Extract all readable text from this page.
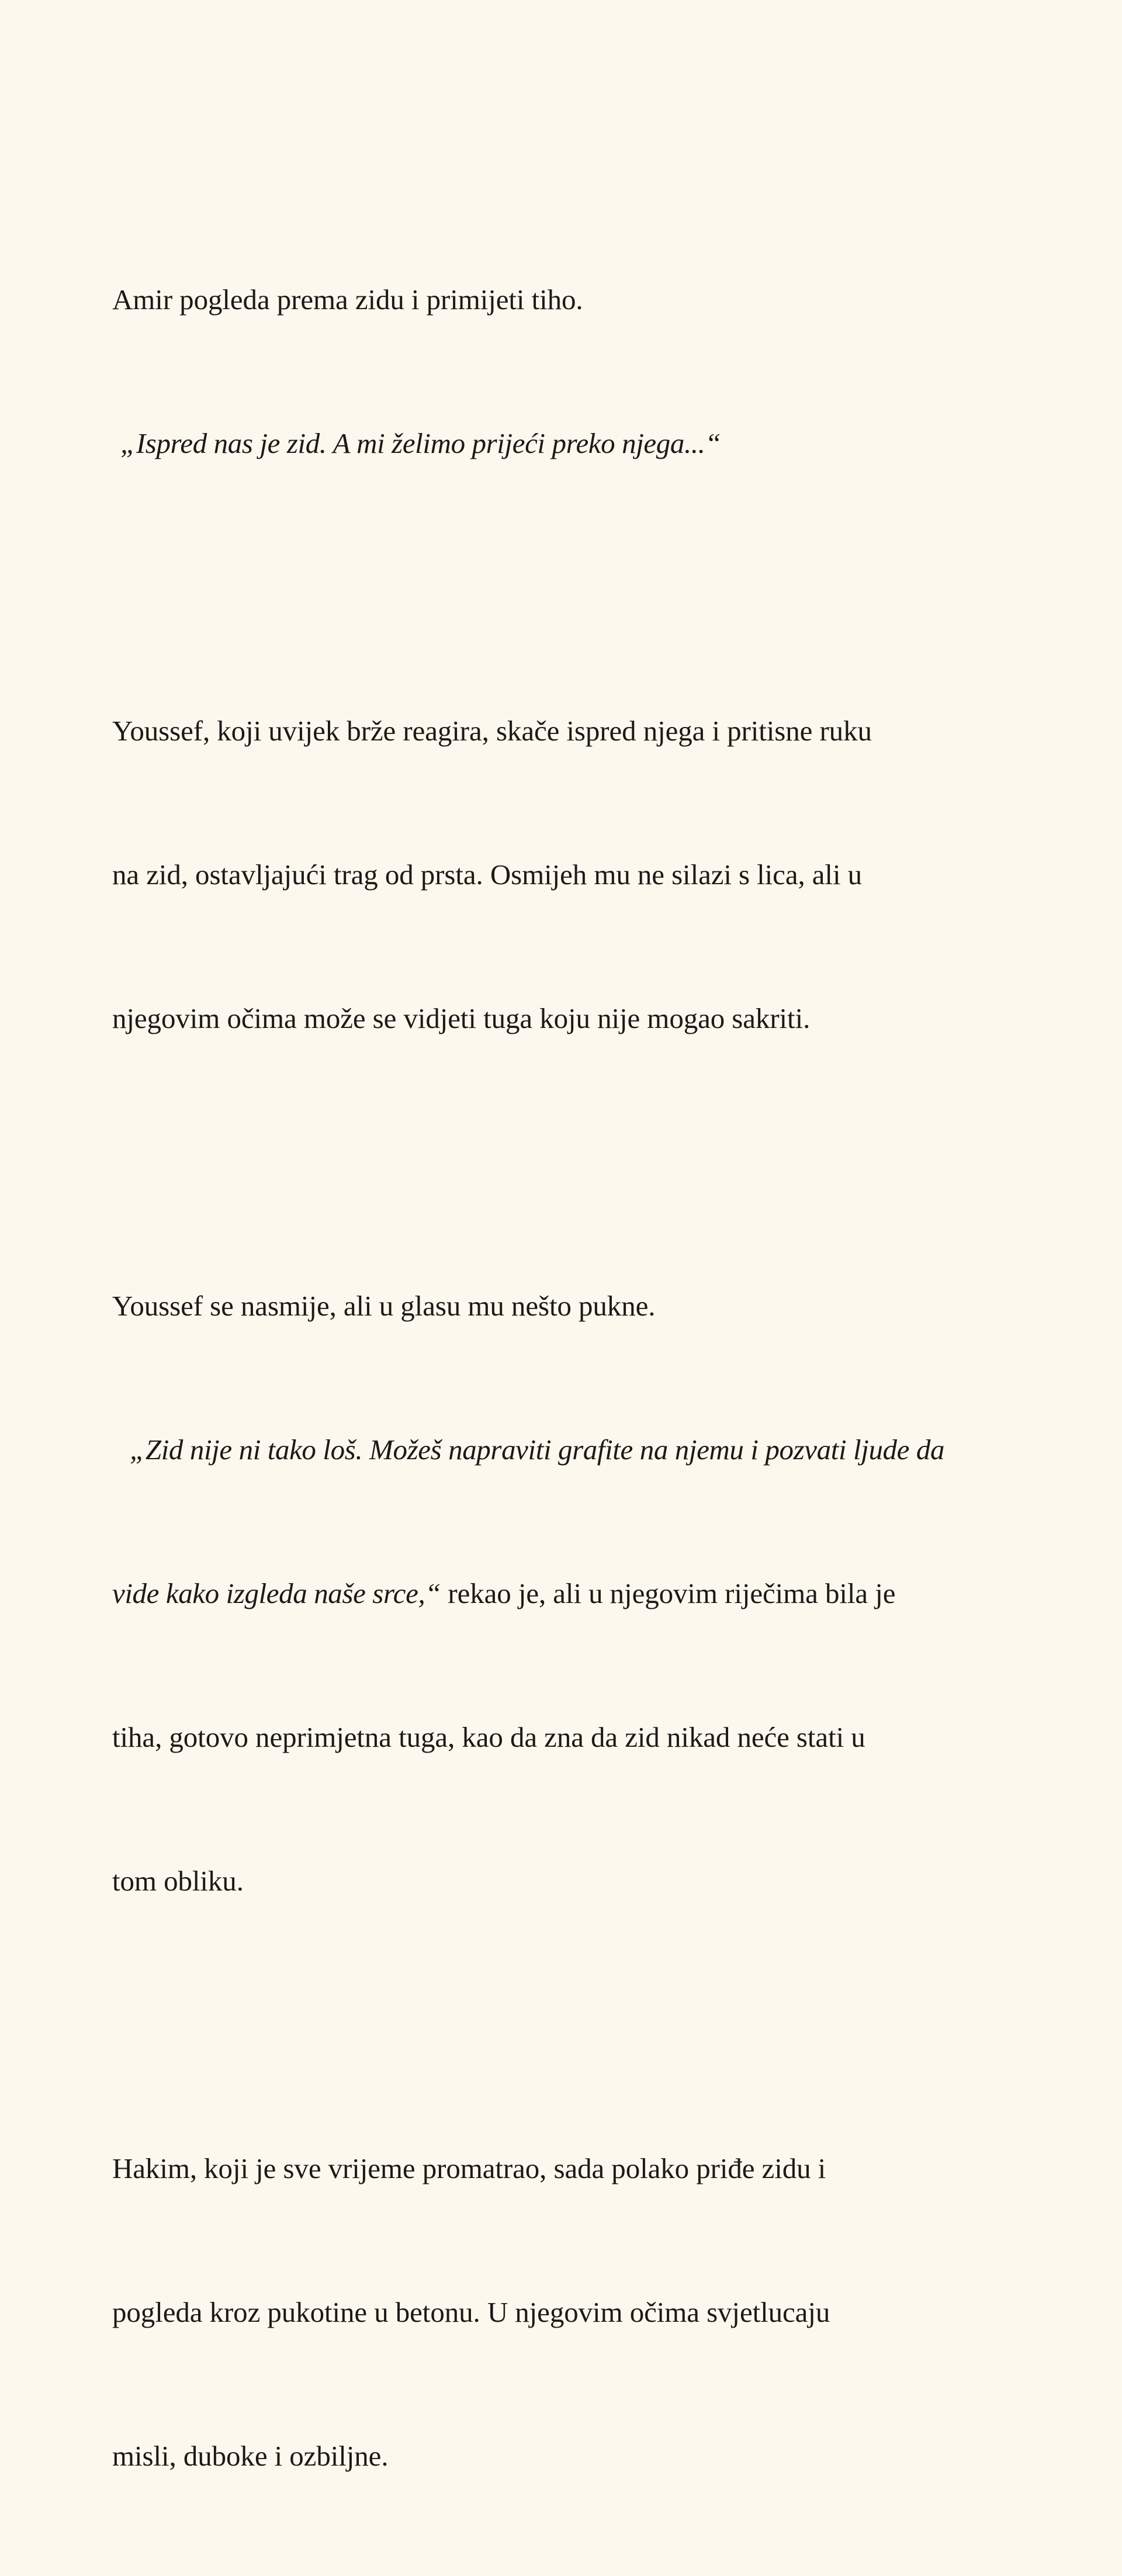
Amir pogleda prema zidu i primijeti tiho.

„Ispred nas je zid. A mi želimo prijeći preko njega...“

Youssef, koji uvijek brže reagira, skače ispred njega i pritisne ruku

na zid, ostavljajući trag od prsta. Osmijeh mu ne silazi s lica, ali u

njegovim očima može se vidjeti tuga koju nije mogao sakriti.

Youssef se nasmije, ali u glasu mu nešto pukne.

„Zid nije ni tako loš. Možeš napraviti grafite na njemu i pozvati ljude da

vide kako izgleda naše srce,“ rekao je, ali u njegovim riječima bila je

tiha, gotovo neprimjetna tuga, kao da zna da zid nikad neće stati u

tom obliku.

Hakim, koji je sve vrijeme promatrao, sada polako priđe zidu i

pogleda kroz pukotine u betonu. U njegovim očima svjetlucaju

misli, duboke i ozbiljne.
